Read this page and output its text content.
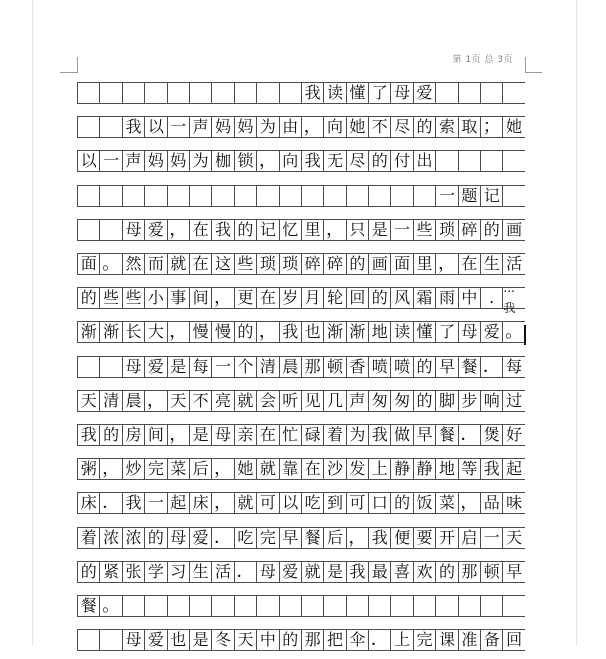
第 1页 总 3页
我 读 懂 了 母 爱
我 以 一 声 妈 妈 为 由 ， 向 她 不 尽 的 索 取 ； 她
以 一 声 妈 妈 为 枷 锁 ， 向 我 无 尽 的 付 出
一 题 记
母 爱 ， 在 我 的 记 忆 里 ， 只 是 一 些 琐 碎 的 画
面 。 然 而 就 在 这 些 琐 琐 碎 碎 的 画 面 里 ， 在 生 活
的 些 些 小 事 间 ， 更 在 岁 月 轮 回 的 风 霜 雨 中 . ...我
渐 渐 长 大 ， 慢 慢 的 ， 我 也 渐 渐 地 读 懂 了 母 爱 。
母 爱 是 每 一 个 清 晨 那 顿 香 喷 喷 的 早 餐 ． 每
天 清 晨 ， 天 不 亮 就 会 听 见 几 声 匆 匆 的 脚 步 响 过
我 的 房 间 ， 是 母 亲 在 忙 碌 着 为 我 做 早 餐 ． 煲 好
粥 ， 炒 完 菜 后 ， 她 就 靠 在 沙 发 上 静 静 地 等 我 起
床 ． 我 一 起 床 ， 就 可 以 吃 到 可 口 的 饭 菜 ， 品 味
着 浓 浓 的 母 爱 ． 吃 完 早 餐 后 ， 我 便 要 开 启 一 天
的 紧 张 学 习 生 活 ． 母 爱 就 是 我 最 喜 欢 的 那 顿 早
餐 。
母 爱 也 是 冬 天 中 的 那 把 伞 ． 上 完 课 准 备 回
